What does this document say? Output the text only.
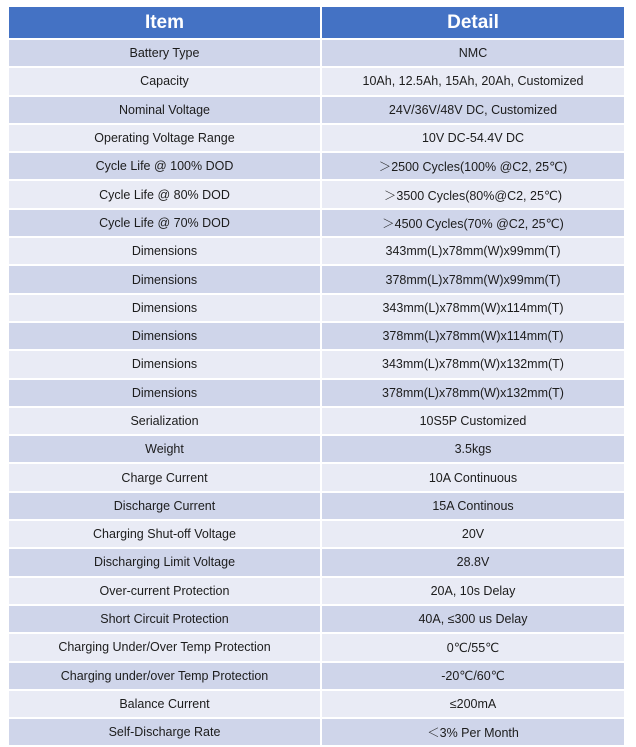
Item	Detail
Battery Type	NMC
Capacity	10Ah, 12.5Ah, 15Ah, 20Ah, Customized
Nominal Voltage	24V/36V/48V DC, Customized
Operating Voltage Range	10V DC-54.4V DC
Cycle Life @ 100% DOD	＞2500 Cycles(100% @C2, 25℃)
Cycle Life @ 80% DOD	＞3500 Cycles(80%@C2, 25℃)
Cycle Life @ 70% DOD	＞4500 Cycles(70% @C2, 25℃)
Dimensions	343mm(L)x78mm(W)x99mm(T)
Dimensions	378mm(L)x78mm(W)x99mm(T)
Dimensions	343mm(L)x78mm(W)x114mm(T)
Dimensions	378mm(L)x78mm(W)x114mm(T)
Dimensions	343mm(L)x78mm(W)x132mm(T)
Dimensions	378mm(L)x78mm(W)x132mm(T)
Serialization	10S5P Customized
Weight	3.5kgs
Charge Current	10A Continuous
Discharge Current	15A Continous
Charging Shut-off Voltage	20V
Discharging Limit Voltage	28.8V
Over-current Protection	20A, 10s Delay
Short Circuit Protection	40A, ≤300 us Delay
Charging Under/Over Temp Protection	0℃/55℃
Charging under/over Temp Protection	-20℃/60℃
Balance Current	≤200mA
Self-Discharge Rate	＜3% Per Month
